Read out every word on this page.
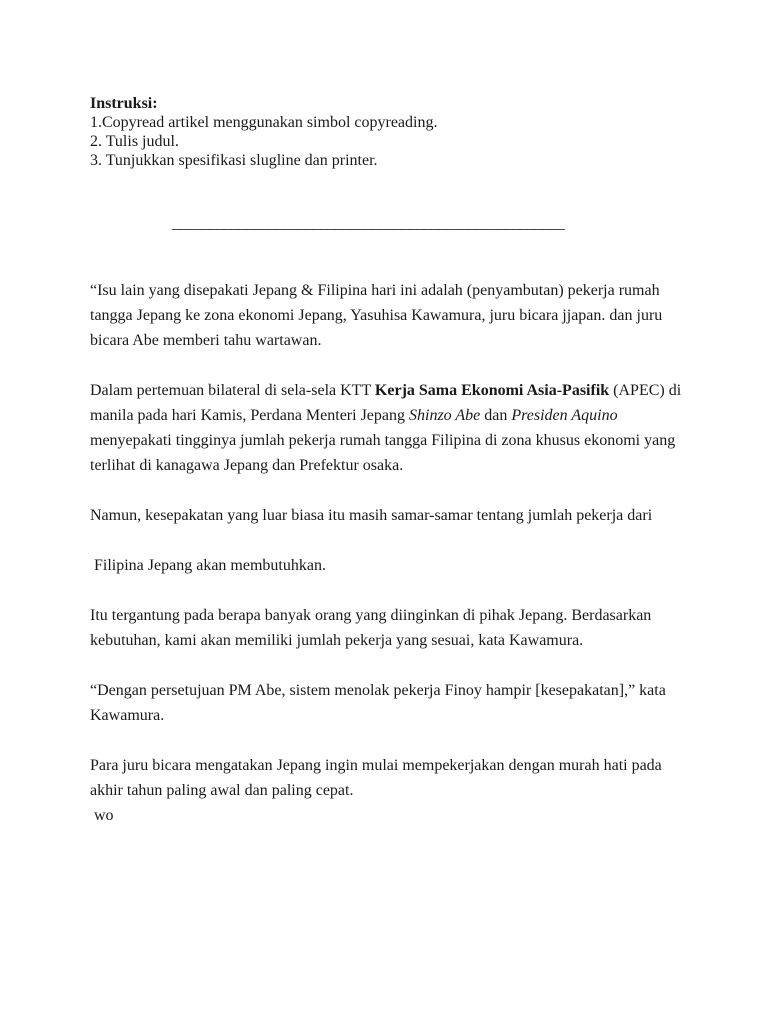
Instruksi:

1.Copyread artikel menggunakan simbol copyreading.

2. Tulis judul.

3. Tunjukkan spesifikasi slugline dan printer.

_____________________________________________________

“Isu lain yang disepakati Jepang & Filipina hari ini adalah (penyambutan) pekerja rumah tangga Jepang ke zona ekonomi Jepang, Yasuhisa Kawamura, juru bicara jjapan. dan juru bicara Abe memberi tahu wartawan.

Dalam pertemuan bilateral di sela-sela KTT Kerja Sama Ekonomi Asia-Pasifik (APEC) di manila pada hari Kamis, Perdana Menteri Jepang Shinzo Abe dan Presiden Aquino menyepakati tingginya jumlah pekerja rumah tangga Filipina di zona khusus ekonomi yang terlihat di kanagawa Jepang dan Prefektur osaka.

Namun, kesepakatan yang luar biasa itu masih samar-samar tentang jumlah pekerja dari

Filipina Jepang akan membutuhkan.

Itu tergantung pada berapa banyak orang yang diinginkan di pihak Jepang. Berdasarkan kebutuhan, kami akan memiliki jumlah pekerja yang sesuai, kata Kawamura.

“Dengan persetujuan PM Abe, sistem menolak pekerja Finoy hampir [kesepakatan],” kata Kawamura.

Para juru bicara mengatakan Jepang ingin mulai mempekerjakan dengan murah hati pada akhir tahun paling awal dan paling cepat.

wo
